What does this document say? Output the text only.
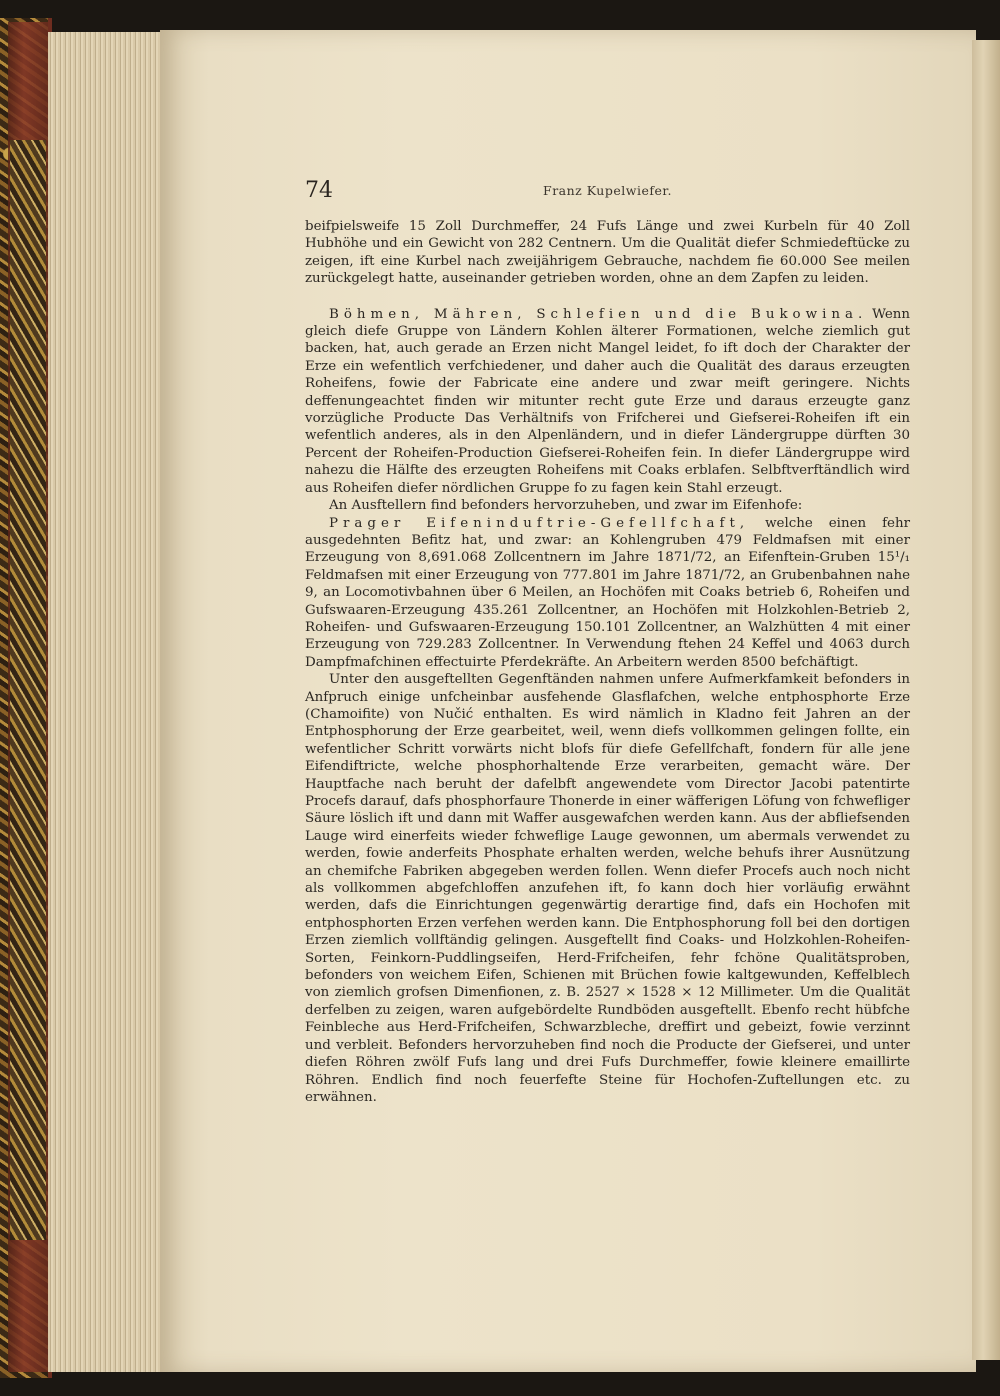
74	Franz Kupelwiefer.

beifpielsweife 15 Zoll Durchmeffer, 24 Fufs Länge und zwei Kurbeln für 40 Zoll Hubhöhe und ein Gewicht von 282 Centnern. Um die Qualität diefer Schmiedeftücke zu zeigen, ift eine Kurbel nach zweijährigem Gebrauche, nachdem fie 60.000 See meilen zurückgelegt hatte, auseinander getrieben worden, ohne an dem Zapfen zu leiden.

Böhmen, Mähren, Schlefien und die Bukowina. Wenn gleich diefe Gruppe von Ländern Kohlen älterer Formationen, welche ziemlich gut backen, hat, auch gerade an Erzen nicht Mangel leidet, fo ift doch der Charakter der Erze ein wefentlich verfchiedener, und daher auch die Qualität des daraus erzeugten Roheifens, fowie der Fabricate eine andere und zwar meift geringere. Nichts deffenungeachtet finden wir mitunter recht gute Erze und daraus erzeugte ganz vorzügliche Producte Das Verhältnifs von Frifcherei und Giefserei-Roheifen ift ein wefentlich anderes, als in den Alpenländern, und in diefer Ländergruppe dürften 30 Percent der Roheifen-Production Giefserei-Roheifen fein. In diefer Ländergruppe wird nahezu die Hälfte des erzeugten Roheifens mit Coaks erblafen. Selbftverftändlich wird aus Roheifen diefer nördlichen Gruppe fo zu fagen kein Stahl erzeugt.

An Ausftellern find befonders hervorzuheben, und zwar im Eifenhofe:

Prager Eifeninduftrie-Gefellfchaft, welche einen fehr ausgedehnten Befitz hat, und zwar: an Kohlengruben 479 Feldmafsen mit einer Erzeugung von 8,691.068 Zollcentnern im Jahre 1871/72, an Eifenftein-Gruben 15¹/₁ Feldmafsen mit einer Erzeugung von 777.801 im Jahre 1871/72, an Grubenbahnen nahe 9, an Locomotivbahnen über 6 Meilen, an Hochöfen mit Coaks betrieb 6, Roheifen und Gufswaaren-Erzeugung 435.261 Zollcentner, an Hochöfen mit Holzkohlen-Betrieb 2, Roheifen- und Gufswaaren-Erzeugung 150.101 Zollcentner, an Walzhütten 4 mit einer Erzeugung von 729.283 Zollcentner. In Verwendung ftehen 24 Keffel und 4063 durch Dampfmafchinen effectuirte Pferdekräfte. An Arbeitern werden 8500 befchäftigt.

Unter den ausgeftellten Gegenftänden nahmen unfere Aufmerkfamkeit befonders in Anfpruch einige unfcheinbar ausfehende Glasflafchen, welche entphosphorte Erze (Chamoifite) von Nučić enthalten. Es wird nämlich in Kladno feit Jahren an der Entphosphorung der Erze gearbeitet, weil, wenn diefs vollkommen gelingen follte, ein wefentlicher Schritt vorwärts nicht blofs für diefe Gefellfchaft, fondern für alle jene Eifendiftricte, welche phosphorhaltende Erze verarbeiten, gemacht wäre. Der Hauptfache nach beruht der dafelbft angewendete vom Director Jacobi patentirte Procefs darauf, dafs phosphorfaure Thonerde in einer wäfferigen Löfung von fchwefliger Säure löslich ift und dann mit Waffer ausgewafchen werden kann. Aus der abfliefsenden Lauge wird einerfeits wieder fchweflige Lauge gewonnen, um abermals verwendet zu werden, fowie anderfeits Phosphate erhalten werden, welche behufs ihrer Ausnützung an chemifche Fabriken abgegeben werden follen. Wenn diefer Procefs auch noch nicht als vollkommen abgefchloffen anzufehen ift, fo kann doch hier vorläufig erwähnt werden, dafs die Einrichtungen gegenwärtig derartige find, dafs ein Hochofen mit entphosphorten Erzen verfehen werden kann. Die Entphosphorung foll bei den dortigen Erzen ziemlich vollftändig gelingen. Ausgeftellt find Coaks- und Holzkohlen-Roheifen-Sorten, Feinkorn-Puddlingseifen, Herd-Frifcheifen, fehr fchöne Qualitätsproben, befonders von weichem Eifen, Schienen mit Brüchen fowie kaltgewunden, Keffelblech von ziemlich grofsen Dimenfionen, z. B. 2527 × 1528 × 12 Millimeter. Um die Qualität derfelben zu zeigen, waren aufgebördelte Rundböden ausgeftellt. Ebenfo recht hübfche Feinbleche aus Herd-Frifcheifen, Schwarzbleche, dreffirt und gebeizt, fowie verzinnt und verbleit. Befonders hervorzuheben find noch die Producte der Giefserei, und unter diefen Röhren zwölf Fufs lang und drei Fufs Durchmeffer, fowie kleinere emaillirte Röhren. Endlich find noch feuerfefte Steine für Hochofen-Zuftellungen etc. zu erwähnen.
